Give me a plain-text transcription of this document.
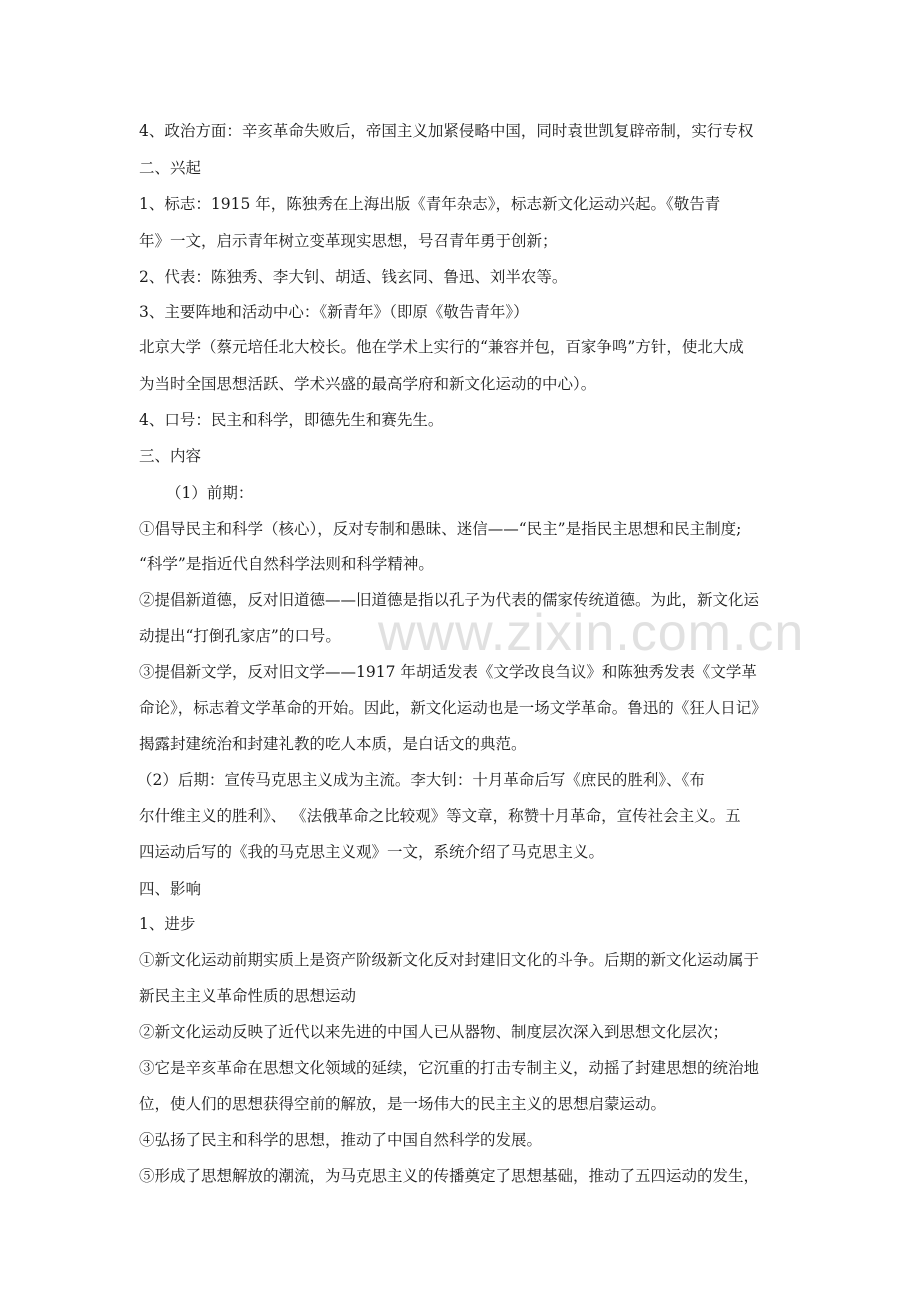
www.zixin.com.cn
4、政治方面：辛亥革命失败后，帝国主义加紧侵略中国，同时袁世凯复辟帝制，实行专权
二、兴起
1、标志：1915 年，陈独秀在上海出版《青年杂志》，标志新文化运动兴起。《敬告青
年》一文，启示青年树立变革现实思想，号召青年勇于创新；
2、代表：陈独秀、李大钊、胡适、钱玄同、鲁迅、刘半农等。
3、主要阵地和活动中心：《新青年》（即原《敬告青年》）
北京大学（蔡元培任北大校长。他在学术上实行的“兼容并包，百家争鸣”方针，使北大成
为当时全国思想活跃、学术兴盛的最高学府和新文化运动的中心）。
4、口号：民主和科学，即德先生和赛先生。
三、内容
（1）前期：
①倡导民主和科学（核心），反对专制和愚昧、迷信——“民主”是指民主思想和民主制度;
“科学”是指近代自然科学法则和科学精神。
②提倡新道德，反对旧道德——旧道德是指以孔子为代表的儒家传统道德。为此，新文化运
动提出“打倒孔家店”的口号。
③提倡新文学，反对旧文学——1917 年胡适发表《文学改良刍议》和陈独秀发表《文学革
命论》，标志着文学革命的开始。因此，新文化运动也是一场文学革命。鲁迅的《狂人日记》
揭露封建统治和封建礼教的吃人本质，是白话文的典范。
（2）后期：宣传马克思主义成为主流。李大钊：十月革命后写《庶民的胜利》、《布
尔什维主义的胜利》、 《法俄革命之比较观》等文章，称赞十月革命，宣传社会主义。五
四运动后写的《我的马克思主义观》一文，系统介绍了马克思主义。
四、影响
1、进步
①新文化运动前期实质上是资产阶级新文化反对封建旧文化的斗争。后期的新文化运动属于
新民主主义革命性质的思想运动
②新文化运动反映了近代以来先进的中国人已从器物、制度层次深入到思想文化层次；
③它是辛亥革命在思想文化领域的延续，它沉重的打击专制主义，动摇了封建思想的统治地
位，使人们的思想获得空前的解放，是一场伟大的民主主义的思想启蒙运动。
④弘扬了民主和科学的思想，推动了中国自然科学的发展。
⑤形成了思想解放的潮流，为马克思主义的传播奠定了思想基础，推动了五四运动的发生，
